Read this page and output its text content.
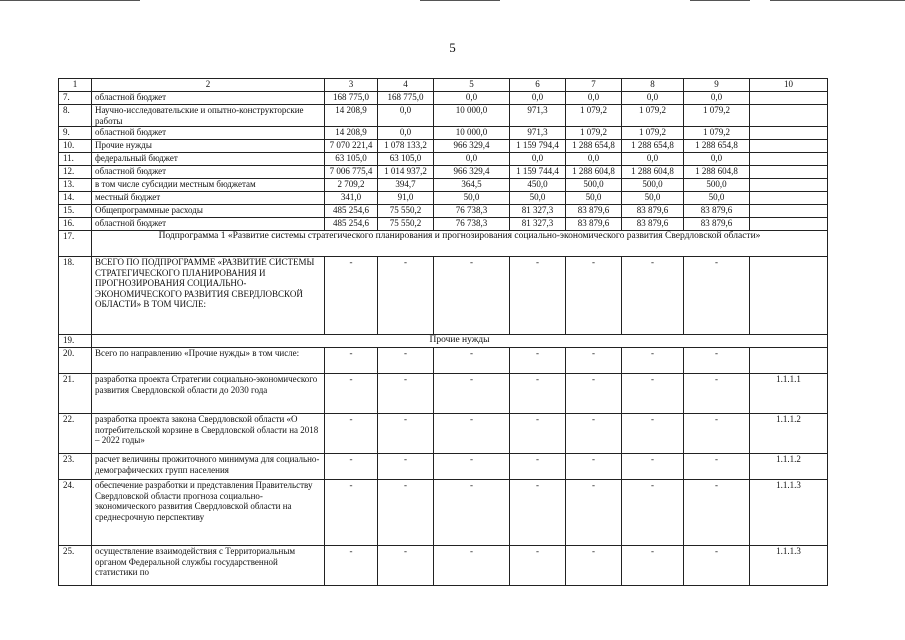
5
1	2	3	4	5	6	7	8	9	10
7.	областной бюджет	168 775,0	168 775,0	0,0	0,0	0,0	0,0	0,0	
8.	Научно-исследовательские и опытно-конструкторские работы	14 208,9	0,0	10 000,0	971,3	1 079,2	1 079,2	1 079,2	
9.	областной бюджет	14 208,9	0,0	10 000,0	971,3	1 079,2	1 079,2	1 079,2	
10.	Прочие нужды	7 070 221,4	1 078 133,2	966 329,4	1 159 794,4	1 288 654,8	1 288 654,8	1 288 654,8	
11.	федеральный бюджет	63 105,0	63 105,0	0,0	0,0	0,0	0,0	0,0	
12.	областной бюджет	7 006 775,4	1 014 937,2	966 329,4	1 159 744,4	1 288 604,8	1 288 604,8	1 288 604,8	
13.	в том числе субсидии местным бюджетам	2 709,2	394,7	364,5	450,0	500,0	500,0	500,0	
14.	местный бюджет	341,0	91,0	50,0	50,0	50,0	50,0	50,0	
15.	Общепрограммные расходы	485 254,6	75 550,2	76 738,3	81 327,3	83 879,6	83 879,6	83 879,6	
16.	областной бюджет	485 254,6	75 550,2	76 738,3	81 327,3	83 879,6	83 879,6	83 879,6	
17.	Подпрограмма 1 «Развитие системы стратегического планирования и прогнозирования социально-экономического развития Свердловской области»								
18.	ВСЕГО ПО ПОДПРОГРАММЕ «РАЗВИТИЕ СИСТЕМЫ СТРАТЕГИЧЕСКОГО ПЛАНИРОВАНИЯ И ПРОГНОЗИРОВАНИЯ СОЦИАЛЬНО-ЭКОНОМИЧЕСКОГО РАЗВИТИЯ СВЕРДЛОВСКОЙ ОБЛАСТИ» В ТОМ ЧИСЛЕ:	-	-	-	-	-	-	-	
19.	Прочие нужды								
20.	Всего по направлению «Прочие нужды» в том числе:	-	-	-	-	-	-	-	
21.	разработка проекта Стратегии социально-экономического развития Свердловской области до 2030 года	-	-	-	-	-	-	-	1.1.1.1
22.	разработка проекта закона Свердловской области «О потребительской корзине в Свердловской области на 2018 – 2022 годы»	-	-	-	-	-	-	-	1.1.1.2
23.	расчет величины прожиточного минимума для социально-демографических групп населения	-	-	-	-	-	-	-	1.1.1.2
24.	обеспечение разработки и представления Правительству Свердловской области прогноза социально-экономического развития Свердловской области на среднесрочную перспективу	-	-	-	-	-	-	-	1.1.1.3
25.	осуществление взаимодействия с Территориальным органом Федеральной службы государственной статистики по	-	-	-	-	-	-	-	1.1.1.3
